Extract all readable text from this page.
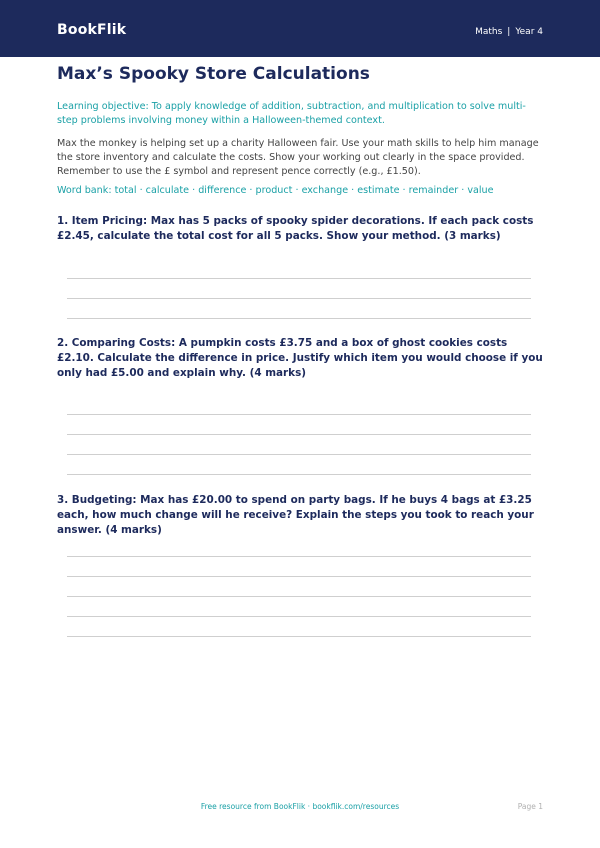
BookFlik	Maths | Year 4
Max’s Spooky Store Calculations
Learning objective: To apply knowledge of addition, subtraction, and multiplication to solve multi-step problems involving money within a Halloween-themed context.
Max the monkey is helping set up a charity Halloween fair. Use your math skills to help him manage the store inventory and calculate the costs. Show your working out clearly in the space provided. Remember to use the £ symbol and represent pence correctly (e.g., £1.50).
Word bank: total · calculate · difference · product · exchange · estimate · remainder · value
1. Item Pricing: Max has 5 packs of spooky spider decorations. If each pack costs £2.45, calculate the total cost for all 5 packs. Show your method. (3 marks)
2. Comparing Costs: A pumpkin costs £3.75 and a box of ghost cookies costs £2.10. Calculate the difference in price. Justify which item you would choose if you only had £5.00 and explain why. (4 marks)
3. Budgeting: Max has £20.00 to spend on party bags. If he buys 4 bags at £3.25 each, how much change will he receive? Explain the steps you took to reach your answer. (4 marks)
Free resource from BookFlik · bookflik.com/resources	Page 1
